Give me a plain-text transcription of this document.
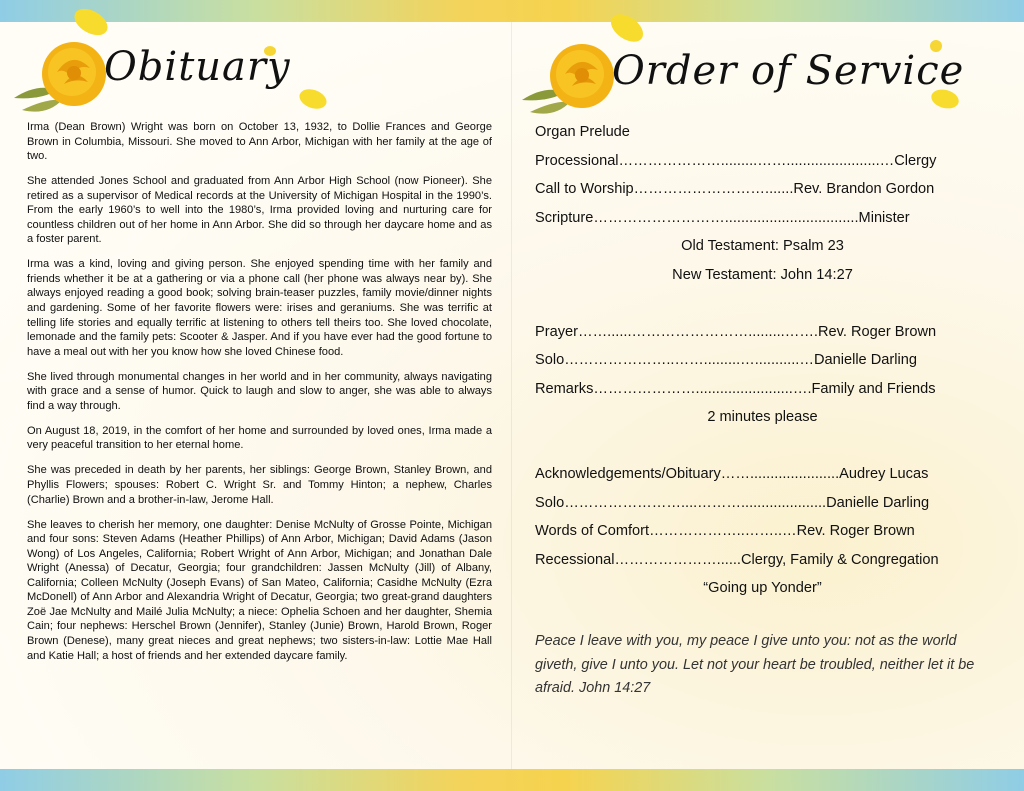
Obituary	Order of Service

Irma (Dean Brown) Wright was born on October 13, 1932, to Dollie Frances and George Brown in Columbia, Missouri. She moved to Ann Arbor, Michigan with her family at the age of two.

She attended Jones School and graduated from Ann Arbor High School (now Pioneer). She retired as a supervisor of Medical records at the University of Michigan Hospital in the 1990’s. From the early 1960’s to well into the 1980’s, Irma provided loving and nurturing care for countless children out of her home in Ann Arbor. She did so through her daycare home and as a foster parent.

Irma was a kind, loving and giving person. She enjoyed spending time with her family and friends whether it be at a gathering or via a phone call (her phone was always near by). She always enjoyed reading a good book; solving brain-teaser puzzles, family movie/dinner nights and gardening. Some of her favorite flowers were: irises and geraniums. She was terrific at telling life stories and equally terrific at listening to others tell theirs too. She loved chocolate, lemonade and the family pets: Scooter & Jasper. And if you have ever had the good fortune to have a meal out with her you know how she loved Chinese food.

She lived through monumental changes in her world and in her community, always navigating with grace and a sense of humor. Quick to laugh and slow to anger, she was able to always find a way through.

On August 18, 2019, in the comfort of her home and surrounded by loved ones, Irma made a very peaceful transition to her eternal home.

She was preceded in death by her parents, her siblings: George Brown, Stanley Brown, and Phyllis Flowers; spouses: Robert C. Wright Sr. and Tommy Hinton; a nephew, Charles (Charlie) Brown and a brother-in-law, Jerome Hall.

She leaves to cherish her memory, one daughter: Denise McNulty of Grosse Pointe, Michigan and four sons: Steven Adams (Heather Phillips) of Ann Arbor, Michigan; David Adams (Jason Wong) of Los Angeles, California; Robert Wright of Ann Arbor, Michigan; and Jonathan Dale Wright (Anessa) of Decatur, Georgia; four grandchildren: Jassen McNulty (Jill) of Albany, California; Colleen McNulty (Joseph Evans) of San Mateo, California; Casidhe McNulty (Ezra McDonell) of Ann Arbor and Alexandria Wright of Decatur, Georgia; two great-grand daughters Zoë Jae McNulty and Mailé Julia McNulty; a niece: Ophelia Schoen and her daughter, Shemia Cain; four nephews: Herschel Brown (Jennifer), Stanley (Junie) Brown, Harold Brown, Roger Brown (Denese), many great nieces and great nephews; two sisters-in-law: Lottie Mae Hall and Katie Hall; a host of friends and her extended daycare family.

Organ Prelude
Processional………………….........…….......................…Clergy
Call to Worship……………………….......Rev. Brandon Gordon
Scripture……………………….................................Minister
Old Testament: Psalm 23
New Testament: John 14:27
Prayer……......…………………….........…….Rev. Roger Brown
Solo…………………..…….........…...........…Danielle Darling
Remarks…………………........................….Family and Friends
2 minutes please
Acknowledgements/Obituary……......................Audrey Lucas
Solo……………………....……….....................Danielle Darling
Words of Comfort………………..……..…Rev. Roger Brown
Recessional…………………......Clergy, Family & Congregation
“Going up Yonder”
Peace I leave with you, my peace I give unto you: not as the world giveth, give I unto you. Let not your heart be troubled, neither let it be afraid. John 14:27
